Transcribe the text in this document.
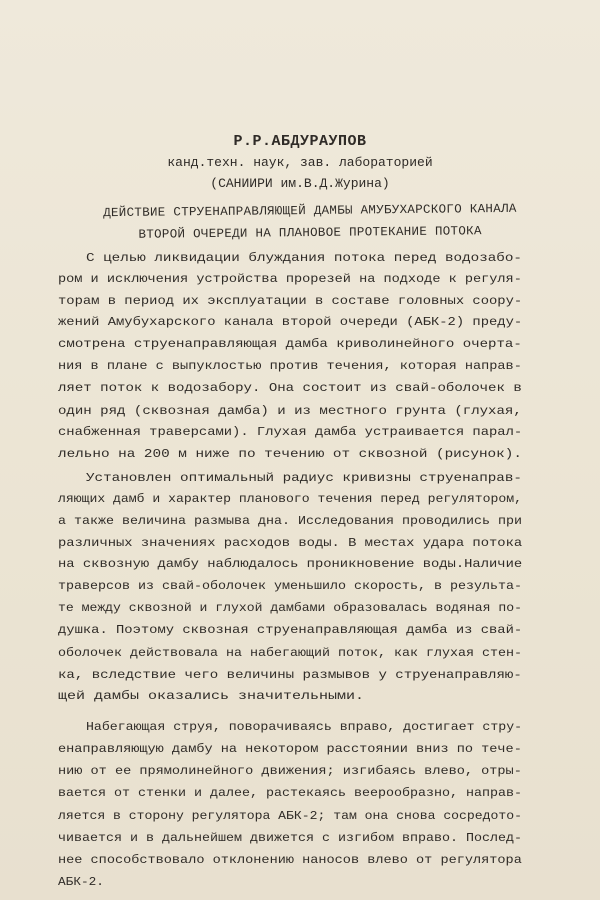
Р.Р.АБДУРАУПОВ
канд.техн. наук, зав. лабораторией
(САНИИРИ им.В.Д.Журина)
ДЕЙСТВИЕ СТРУЕНАПРАВЛЯЮЩЕЙ ДАМБЫ АМУБУХАРСКОГО КАНАЛА
ВТОРОЙ ОЧЕРЕДИ НА ПЛАНОВОЕ ПРОТЕКАНИЕ ПОТОКА
С целью ликвидации блуждания потока перед водозабо-
ром и исключения устройства прорезей на подходе к регуля-
торам в период их эксплуатации в составе головных соору-
жений Амубухарского канала второй очереди (АБК-2) преду-
смотрена струенаправляющая дамба криволинейного очерта-
ния в плане с выпуклостью против течения, которая направ-
ляет поток к водозабору. Она состоит из свай-оболочек в
один ряд (сквозная дамба) и из местного грунта (глухая,
снабженная траверсами). Глухая дамба устраивается парал-
лельно на 200 м ниже по течению от сквозной (рисунок).
Установлен оптимальный радиус кривизны струенаправ-
ляющих дамб и характер планового течения перед регулятором,
а также величина размыва дна. Исследования проводились при
различных значениях расходов воды. В местах удара потока
на сквозную дамбу наблюдалось проникновение воды.Наличие
траверсов из свай-оболочек уменьшило скорость, в результа-
те между сквозной и глухой дамбами образовалась водяная по-
душка. Поэтому сквозная струенаправляющая дамба из свай-
оболочек действовала на набегающий поток, как глухая стен-
ка, вследствие чего величины размывов у струенаправляю-
щей дамбы оказались значительными.
Набегающая струя, поворачиваясь вправо, достигает стру-
енаправляющую дамбу на некотором расстоянии вниз по тече-
нию от ее прямолинейного движения; изгибаясь влево, отры-
вается от стенки и далее, растекаясь веерообразно, направ-
ляется в сторону регулятора АБК-2; там она снова сосредото-
чивается и в дальнейшем движется с изгибом вправо. Послед-
нее способствовало отклонению наносов влево от регулятора
АБК-2.
